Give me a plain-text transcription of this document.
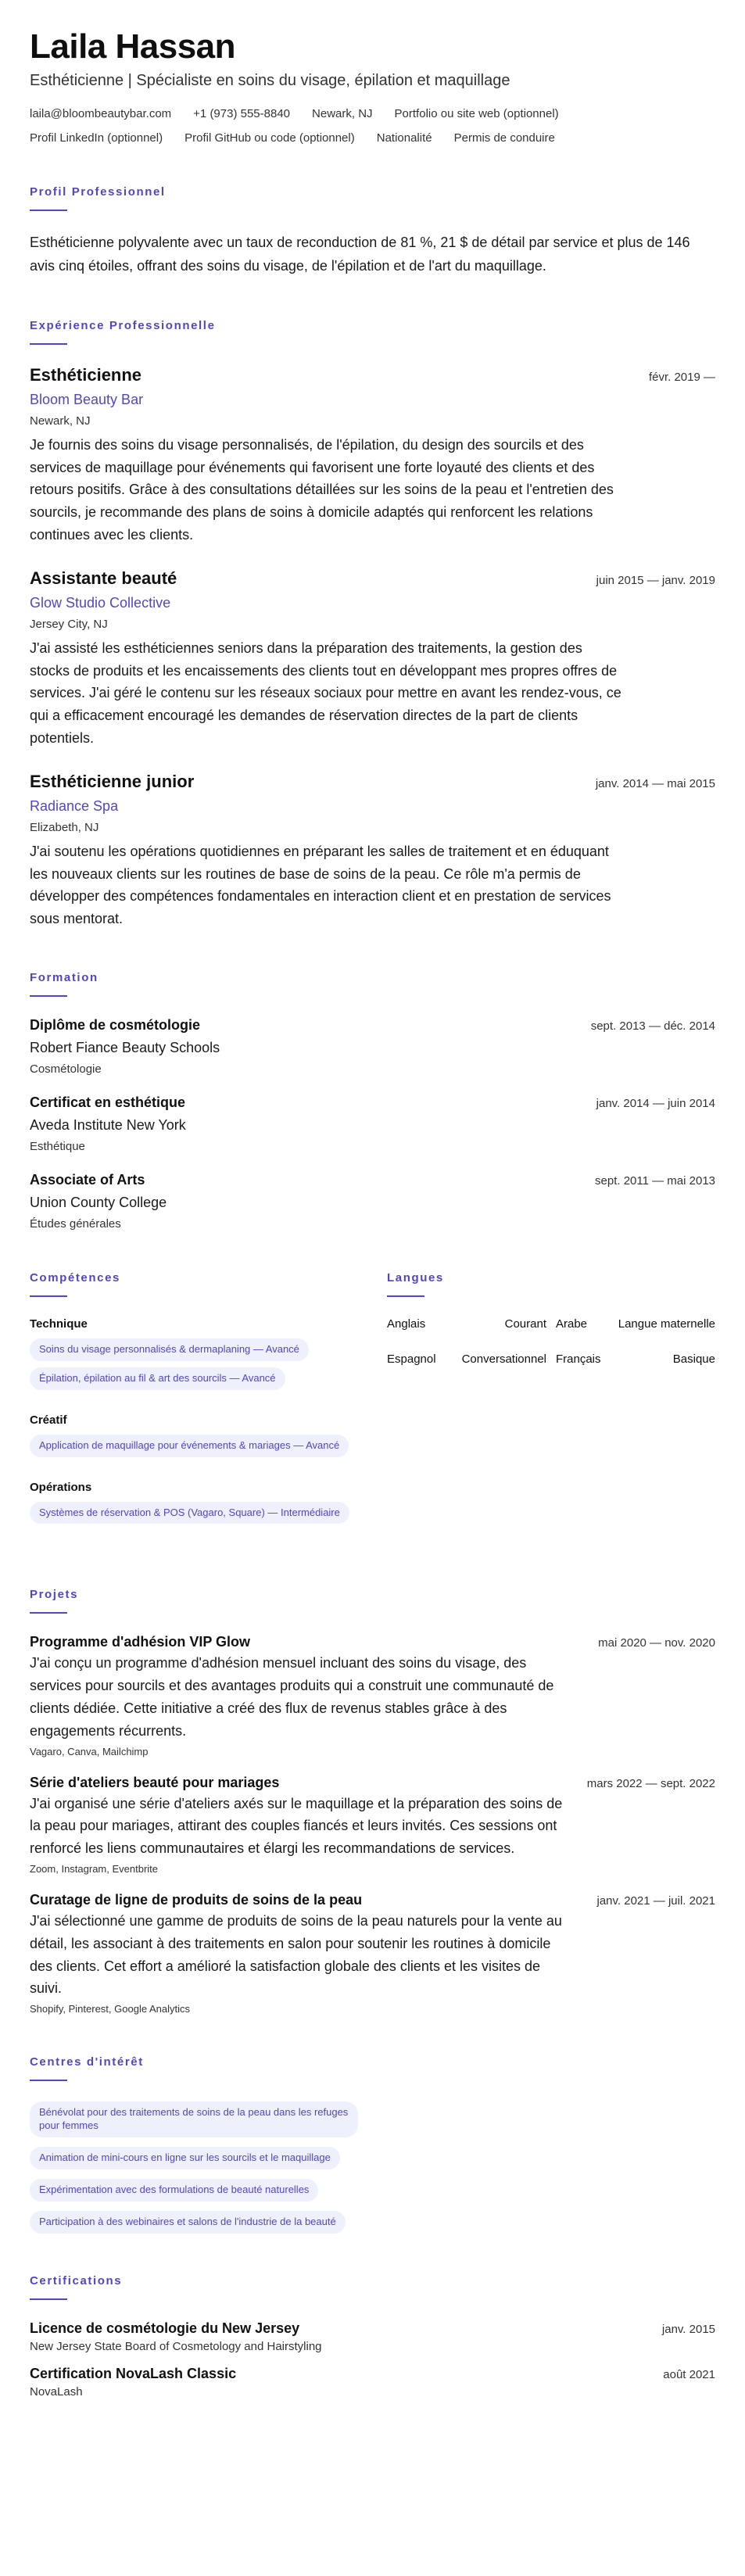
Laila Hassan
Esthéticienne | Spécialiste en soins du visage, épilation et maquillage
laila@bloombeautybar.com +1 (973) 555-8840 Newark, NJ Portfolio ou site web (optionnel)
Profil LinkedIn (optionnel) Profil GitHub ou code (optionnel) Nationalité Permis de conduire
Profil Professionnel

Esthéticienne polyvalente avec un taux de reconduction de 81 %, 21 $ de détail par service et plus de 146 avis cinq étoiles, offrant des soins du visage, de l'épilation et de l'art du maquillage.

Expérience Professionnelle
Esthéticienne	févr. 2019 —
Bloom Beauty Bar
Newark, NJ

Je fournis des soins du visage personnalisés, de l'épilation, du design des sourcils et des services de maquillage pour événements qui favorisent une forte loyauté des clients et des retours positifs. Grâce à des consultations détaillées sur les soins de la peau et l'entretien des sourcils, je recommande des plans de soins à domicile adaptés qui renforcent les relations continues avec les clients.

Assistante beauté	juin 2015 — janv. 2019
Glow Studio Collective
Jersey City, NJ

J'ai assisté les esthéticiennes seniors dans la préparation des traitements, la gestion des stocks de produits et les encaissements des clients tout en développant mes propres offres de services. J'ai géré le contenu sur les réseaux sociaux pour mettre en avant les rendez-vous, ce qui a efficacement encouragé les demandes de réservation directes de la part de clients potentiels.

Esthéticienne junior	janv. 2014 — mai 2015
Radiance Spa
Elizabeth, NJ

J'ai soutenu les opérations quotidiennes en préparant les salles de traitement et en éduquant les nouveaux clients sur les routines de base de soins de la peau. Ce rôle m'a permis de développer des compétences fondamentales en interaction client et en prestation de services sous mentorat.

Formation
Diplôme de cosmétologie	sept. 2013 — déc. 2014
Robert Fiance Beauty Schools
Cosmétologie
Certificat en esthétique	janv. 2014 — juin 2014
Aveda Institute New York
Esthétique
Associate of Arts	sept. 2011 — mai 2013
Union County College
Études générales
Compétences
Technique
Soins du visage personnalisés & dermaplaning — Avancé
Épilation, épilation au fil & art des sourcils — Avancé
Créatif
Application de maquillage pour événements & mariages — Avancé
Opérations
Systèmes de réservation & POS (Vagaro, Square) — Intermédiaire
Langues
Anglais	Courant Arabe	Langue maternelle
Espagnol Conversationnel Français	Basique
Projets
Programme d'adhésion VIP Glow	mai 2020 — nov. 2020

J'ai conçu un programme d'adhésion mensuel incluant des soins du visage, des services pour sourcils et des avantages produits qui a construit une communauté de clients dédiée. Cette initiative a créé des flux de revenus stables grâce à des engagements récurrents.

Vagaro, Canva, Mailchimp
Série d'ateliers beauté pour mariages	mars 2022 — sept. 2022

J'ai organisé une série d'ateliers axés sur le maquillage et la préparation des soins de la peau pour mariages, attirant des couples fiancés et leurs invités. Ces sessions ont renforcé les liens communautaires et élargi les recommandations de services.

Zoom, Instagram, Eventbrite
Curatage de ligne de produits de soins de la peau	janv. 2021 — juil. 2021

J'ai sélectionné une gamme de produits de soins de la peau naturels pour la vente au détail, les associant à des traitements en salon pour soutenir les routines à domicile des clients. Cet effort a amélioré la satisfaction globale des clients et les visites de suivi.

Shopify, Pinterest, Google Analytics
Centres d'intérêt
Bénévolat pour des traitements de soins de la peau dans les refuges pour femmes
Animation de mini-cours en ligne sur les sourcils et le maquillage
Expérimentation avec des formulations de beauté naturelles
Participation à des webinaires et salons de l'industrie de la beauté
Certifications
Licence de cosmétologie du New Jersey	janv. 2015
New Jersey State Board of Cosmetology and Hairstyling
Certification NovaLash Classic	août 2021
NovaLash
